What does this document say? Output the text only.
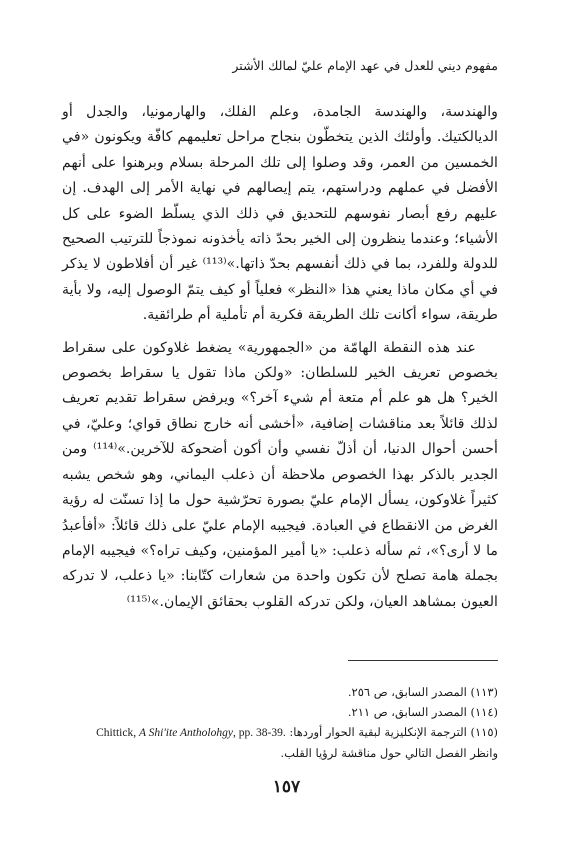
مفهوم ديني للعدل في عهد الإمام عليّ لمالك الأشتر

والهندسة، والهندسة الجامدة، وعلم الفلك، والهارمونيا، والجدل أو الديالكتيك. وأولئك الذين يتخطّون بنجاح مراحل تعليمهم كافّة ويكونون «في الخمسين من العمر، وقد وصلوا إلى تلك المرحلة بسلام وبرهنوا على أنهم الأفضل في عملهم ودراستهم، يتم إيصالهم في نهاية الأمر إلى الهدف. إن عليهم رفع أبصار نفوسهم للتحديق في ذلك الذي يسلّط الضوء على كل الأشياء؛ وعندما ينظرون إلى الخير بحدّ ذاته يأخذونه نموذجاً للترتيب الصحيح للدولة وللفرد، بما في ذلك أنفسهم بحدّ ذاتها.»⁽¹¹³⁾ غير أن أفلاطون لا يذكر في أي مكان ماذا يعني هذا «النظر» فعلياً أو كيف يتمّ الوصول إليه، ولا بأية طريقة، سواء أكانت تلك الطريقة فكرية أم تأملية أم طرائقية.

عند هذه النقطة الهامّة من «الجمهورية» يضغط غلاوكون على سقراط بخصوص تعريف الخير للسلطان: «ولكن ماذا تقول يا سقراط بخصوص الخير؟ هل هو علم أم متعة أم شيء آخر؟» ويرفض سقراط تقديم تعريف لذلك قائلاً بعد مناقشات إضافية، «أخشى أنه خارج نطاق قواي؛ وعليّ، في أحسن أحوال الدنيا، أن أذلّ نفسي وأن أكون أضحوكة للآخرين.»⁽¹¹⁴⁾ ومن الجدير بالذكر بهذا الخصوص ملاحظة أن ذعلب اليماني، وهو شخص يشبه كثيراً غلاوكون، يسأل الإمام عليّ بصورة تحرّشية حول ما إذا تسنّت له رؤية الغرض من الانقطاع في العبادة. فيجيبه الإمام عليّ على ذلك قائلاً: «أفأعبدُ ما لا أرى؟»، ثم سأله ذعلب: «يا أمير المؤمنين، وكيف تراه؟» فيجيبه الإمام بجملة هامة تصلح لأن تكون واحدة من شعارات كتّابنا: «يا ذعلب، لا تدركه العيون بمشاهد العيان، ولكن تدركه القلوب بحقائق الإيمان.»⁽¹¹⁵⁾

(١١٣) المصدر السابق، ص ٢٥٦.

(١١٤) المصدر السابق، ص ٢١١.

(١١٥) الترجمة الإنكليزية لبقية الحوار أوردها: Chittick, A Shi'ite Antholohgy, pp. 38-39.

وانظر الفصل التالي حول مناقشة لرؤيا القلب.

١٥٧
